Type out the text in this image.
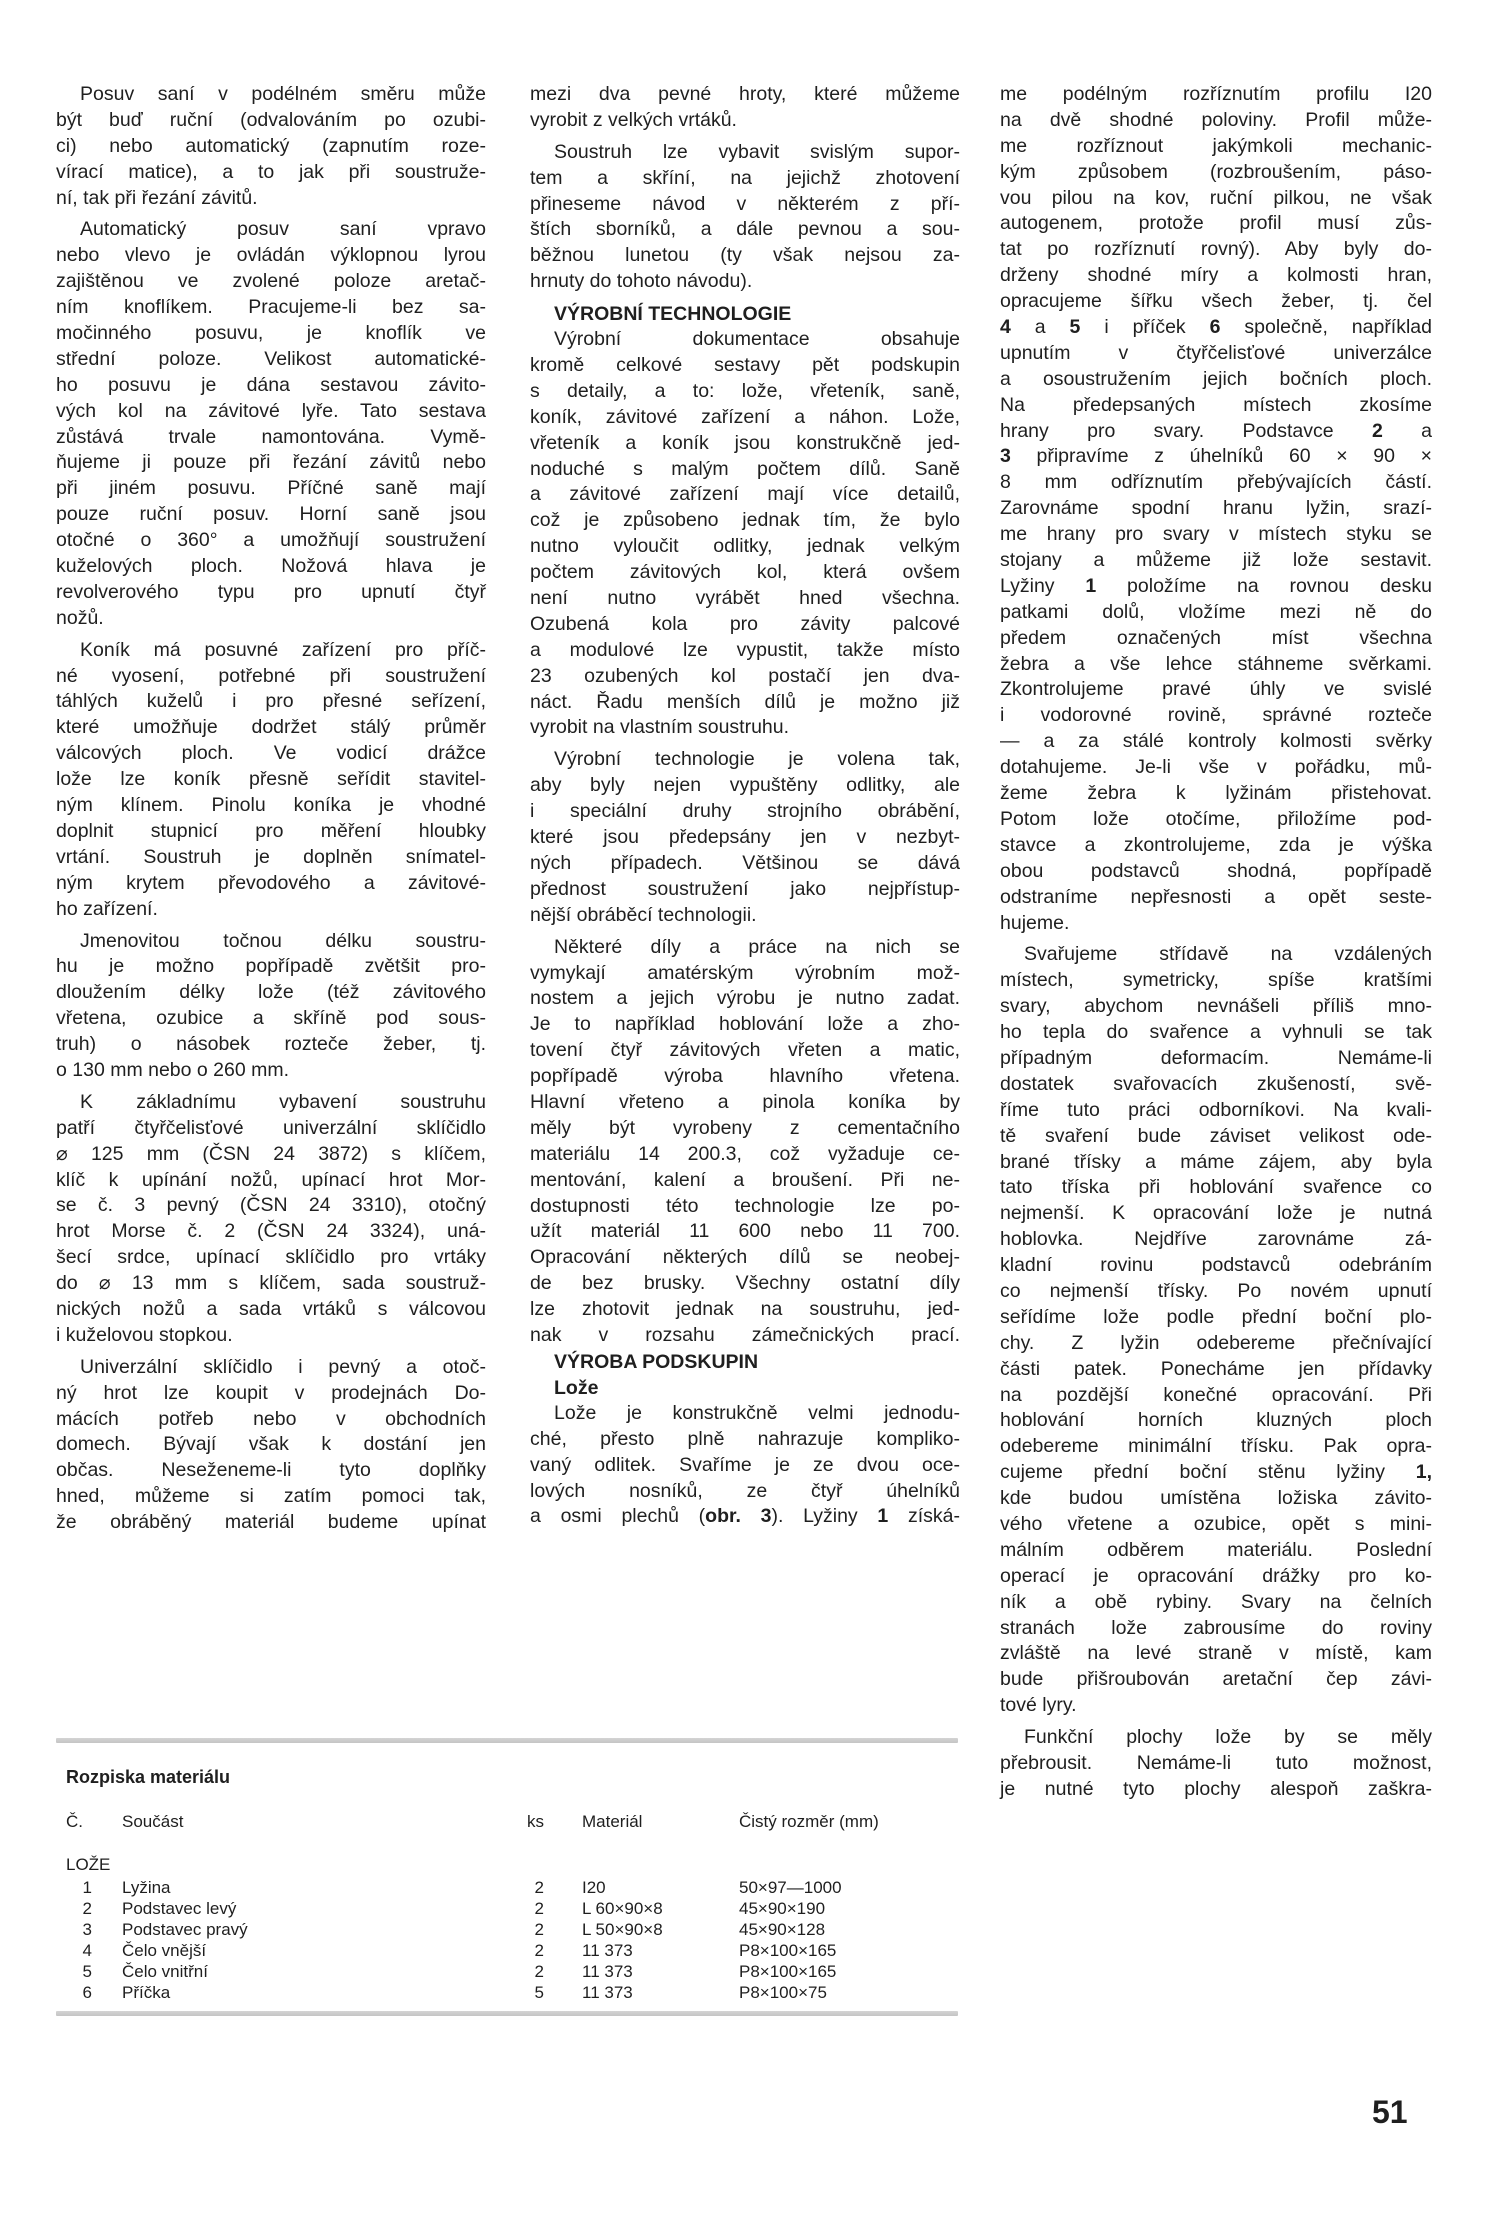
Posuv saní v podélném směru může
být buď ruční (odvalováním po ozubi-
ci) nebo automatický (zapnutím roze-
vírací matice), a to jak při soustruže-
ní, tak při řezání závitů.
Automatický posuv saní vpravo
nebo vlevo je ovládán výklopnou lyrou
zajištěnou ve zvolené poloze aretač-
ním knoflíkem. Pracujeme-li bez sa-
močinného posuvu, je knoflík ve
střední poloze. Velikost automatické-
ho posuvu je dána sestavou závito-
vých kol na závitové lyře. Tato sestava
zůstává trvale namontována. Vymě-
ňujeme ji pouze při řezání závitů nebo
při jiném posuvu. Příčné saně mají
pouze ruční posuv. Horní saně jsou
otočné o 360° a umožňují soustružení
kuželových ploch. Nožová hlava je
revolverového typu pro upnutí čtyř
nožů.
Koník má posuvné zařízení pro příč-
né vyosení, potřebné při soustružení
táhlých kuželů i pro přesné seřízení,
které umožňuje dodržet stálý průměr
válcových ploch. Ve vodicí drážce
lože lze koník přesně seřídit stavitel-
ným klínem. Pinolu koníka je vhodné
doplnit stupnicí pro měření hloubky
vrtání. Soustruh je doplněn snímatel-
ným krytem převodového a závitové-
ho zařízení.
Jmenovitou točnou délku soustru-
hu je možno popřípadě zvětšit pro-
dloužením délky lože (též závitového
vřetena, ozubice a skříně pod sous-
truh) o násobek rozteče žeber, tj.
o 130 mm nebo o 260 mm.
K základnímu vybavení soustruhu
patří čtyřčelisťové univerzální sklíčidlo
⌀ 125 mm (ČSN 24 3872) s klíčem,
klíč k upínání nožů, upínací hrot Mor-
se č. 3 pevný (ČSN 24 3310), otočný
hrot Morse č. 2 (ČSN 24 3324), uná-
šecí srdce, upínací sklíčidlo pro vrtáky
do ⌀ 13 mm s klíčem, sada soustruž-
nických nožů a sada vrtáků s válcovou
i kuželovou stopkou.
Univerzální sklíčidlo i pevný a otoč-
ný hrot lze koupit v prodejnách Do-
mácích potřeb nebo v obchodních
domech. Bývají však k dostání jen
občas. Neseženeme-li tyto doplňky
hned, můžeme si zatím pomoci tak,
že obráběný materiál budeme upínat
mezi dva pevné hroty, které můžeme
vyrobit z velkých vrtáků.
Soustruh lze vybavit svislým supor-
tem a skříní, na jejichž zhotovení
přineseme návod v některém z pří-
štích sborníků, a dále pevnou a sou-
běžnou lunetou (ty však nejsou za-
hrnuty do tohoto návodu).
VÝROBNÍ TECHNOLOGIE
Výrobní dokumentace obsahuje
kromě celkové sestavy pět podskupin
s detaily, a to: lože, vřeteník, saně,
koník, závitové zařízení a náhon. Lože,
vřeteník a koník jsou konstrukčně jed-
noduché s malým počtem dílů. Saně
a závitové zařízení mají více detailů,
což je způsobeno jednak tím, že bylo
nutno vyloučit odlitky, jednak velkým
počtem závitových kol, která ovšem
není nutno vyrábět hned všechna.
Ozubená kola pro závity palcové
a modulové lze vypustit, takže místo
23 ozubených kol postačí jen dva-
náct. Řadu menších dílů je možno již
vyrobit na vlastním soustruhu.
Výrobní technologie je volena tak,
aby byly nejen vypuštěny odlitky, ale
i speciální druhy strojního obrábění,
které jsou předepsány jen v nezbyt-
ných případech. Většinou se dává
přednost soustružení jako nejpřístup-
nější obráběcí technologii.
Některé díly a práce na nich se
vymykají amatérským výrobním mož-
nostem a jejich výrobu je nutno zadat.
Je to například hoblování lože a zho-
tovení čtyř závitových vřeten a matic,
popřípadě výroba hlavního vřetena.
Hlavní vřeteno a pinola koníka by
měly být vyrobeny z cementačního
materiálu 14 200.3, což vyžaduje ce-
mentování, kalení a broušení. Při ne-
dostupnosti této technologie lze po-
užít materiál 11 600 nebo 11 700.
Opracování některých dílů se neobej-
de bez brusky. Všechny ostatní díly
lze zhotovit jednak na soustruhu, jed-
nak v rozsahu zámečnických prací.
VÝROBA PODSKUPIN
Lože
Lože je konstrukčně velmi jednodu-
ché, přesto plně nahrazuje kompliko-
vaný odlitek. Svaříme je ze dvou oce-
lových nosníků, ze čtyř úhelníků
a osmi plechů (obr. 3). Lyžiny 1 získá-
me podélným rozříznutím profilu I20
na dvě shodné poloviny. Profil může-
me rozříznout jakýmkoli mechanic-
kým způsobem (rozbroušením, páso-
vou pilou na kov, ruční pilkou, ne však
autogenem, protože profil musí zůs-
tat po rozříznutí rovný). Aby byly do-
drženy shodné míry a kolmosti hran,
opracujeme šířku všech žeber, tj. čel
4 a 5 i příček 6 společně, například
upnutím v čtyřčelisťové univerzálce
a osoustružením jejich bočních ploch.
Na předepsaných místech zkosíme
hrany pro svary. Podstavce 2 a
3 připravíme z úhelníků 60 × 90 ×
8 mm odříznutím přebývajících částí.
Zarovnáme spodní hranu lyžin, srazí-
me hrany pro svary v místech styku se
stojany a můžeme již lože sestavit.
Lyžiny 1 položíme na rovnou desku
patkami dolů, vložíme mezi ně do
předem označených míst všechna
žebra a vše lehce stáhneme svěrkami.
Zkontrolujeme pravé úhly ve svislé
i vodorovné rovině, správné rozteče
— a za stálé kontroly kolmosti svěrky
dotahujeme. Je-li vše v pořádku, mů-
žeme žebra k lyžinám přistehovat.
Potom lože otočíme, přiložíme pod-
stavce a zkontrolujeme, zda je výška
obou podstavců shodná, popřípadě
odstraníme nepřesnosti a opět seste-
hujeme.
Svařujeme střídavě na vzdálených
místech, symetricky, spíše kratšími
svary, abychom nevnášeli příliš mno-
ho tepla do svařence a vyhnuli se tak
případným deformacím. Nemáme-li
dostatek svařovacích zkušeností, svě-
říme tuto práci odborníkovi. Na kvali-
tě svaření bude záviset velikost ode-
brané třísky a máme zájem, aby byla
tato tříska při hoblování svařence co
nejmenší. K opracování lože je nutná
hoblovka. Nejdříve zarovnáme zá-
kladní rovinu podstavců odebráním
co nejmenší třísky. Po novém upnutí
seřídíme lože podle přední boční plo-
chy. Z lyžin odebereme přečnívající
části patek. Ponecháme jen přídavky
na pozdější konečné opracování. Při
hoblování horních kluzných ploch
odebereme minimální třísku. Pak opra-
cujeme přední boční stěnu lyžiny 1,
kde budou umístěna ložiska závito-
vého vřetene a ozubice, opět s mini-
málním odběrem materiálu. Poslední
operací je opracování drážky pro ko-
ník a obě rybiny. Svary na čelních
stranách lože zabrousíme do roviny
zvláště na levé straně v místě, kam
bude přišroubován aretační čep závi-
tové lyry.
Funkční plochy lože by se měly
přebrousit. Nemáme-li tuto možnost,
je nutné tyto plochy alespoň zaškra-
Rozpiska materiálu
Č.	Součást	ks Materiál	Čistý rozměr (mm)
LOŽE
1 Lyžina	2 I20	50×97—1000
2 Podstavec levý	2 L 60×90×8	45×90×190
3 Podstavec pravý	2 L 50×90×8	45×90×128
4 Čelo vnější	2 11 373	P8×100×165
5 Čelo vnitřní	2 11 373	P8×100×165
6 Příčka	5 11 373	P8×100×75
51
